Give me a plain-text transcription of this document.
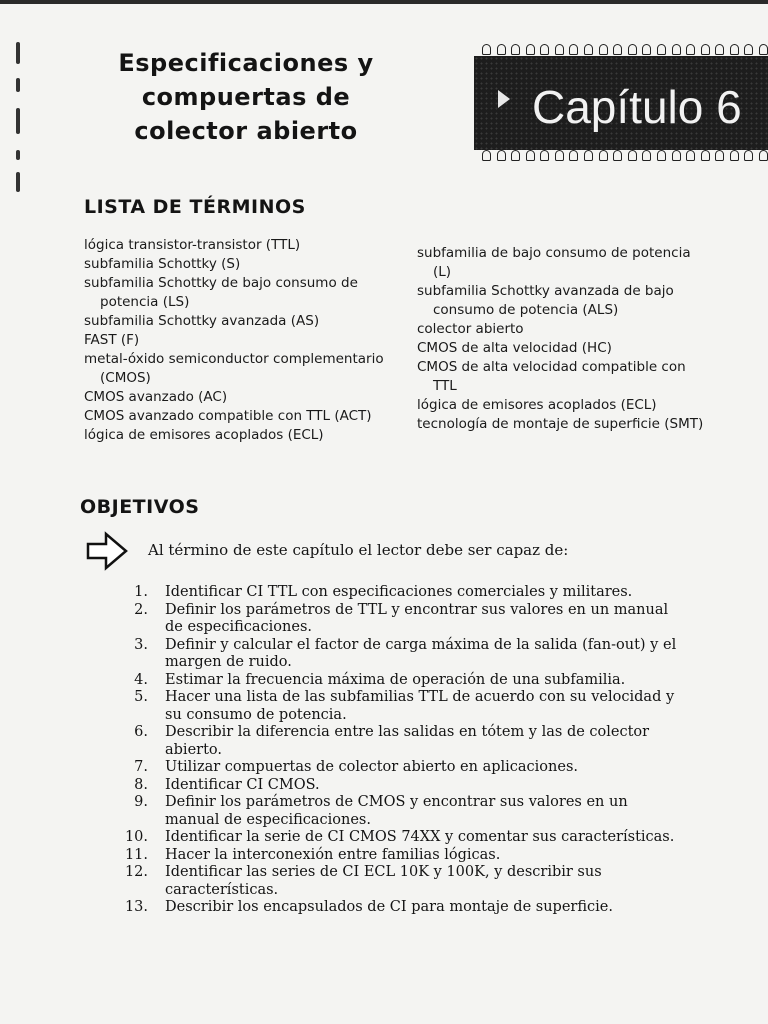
Especificaciones y
compuertas de
colector abierto	Capítulo 6
LISTA DE TÉRMINOS
lógica transistor-transistor (TTL)
subfamilia Schottky (S)
subfamilia Schottky de bajo consumo de potencia (LS)
subfamilia Schottky avanzada (AS)
FAST (F)
metal-óxido semiconductor complementario (CMOS)
CMOS avanzado (AC)
CMOS avanzado compatible con TTL (ACT)
lógica de emisores acoplados (ECL)
subfamilia de bajo consumo de potencia (L)
subfamilia Schottky avanzada de bajo consumo de potencia (ALS)
colector abierto
CMOS de alta velocidad (HC)
CMOS de alta velocidad compatible con TTL
lógica de emisores acoplados (ECL)
tecnología de montaje de superficie (SMT)
OBJETIVOS
Al término de este capítulo el lector debe ser capaz de:
1. Identificar CI TTL con especificaciones comerciales y militares.
2. Definir los parámetros de TTL y encontrar sus valores en un manual de especificaciones.
3. Definir y calcular el factor de carga máxima de la salida (fan-out) y el margen de ruido.
4. Estimar la frecuencia máxima de operación de una subfamilia.
5. Hacer una lista de las subfamilias TTL de acuerdo con su velocidad y su consumo de potencia.
6. Describir la diferencia entre las salidas en tótem y las de colector abierto.
7. Utilizar compuertas de colector abierto en aplicaciones.
8. Identificar CI CMOS.
9. Definir los parámetros de CMOS y encontrar sus valores en un manual de especificaciones.
10. Identificar la serie de CI CMOS 74XX y comentar sus características.
11. Hacer la interconexión entre familias lógicas.
12. Identificar las series de CI ECL 10K y 100K, y describir sus características.
13. Describir los encapsulados de CI para montaje de superficie.
